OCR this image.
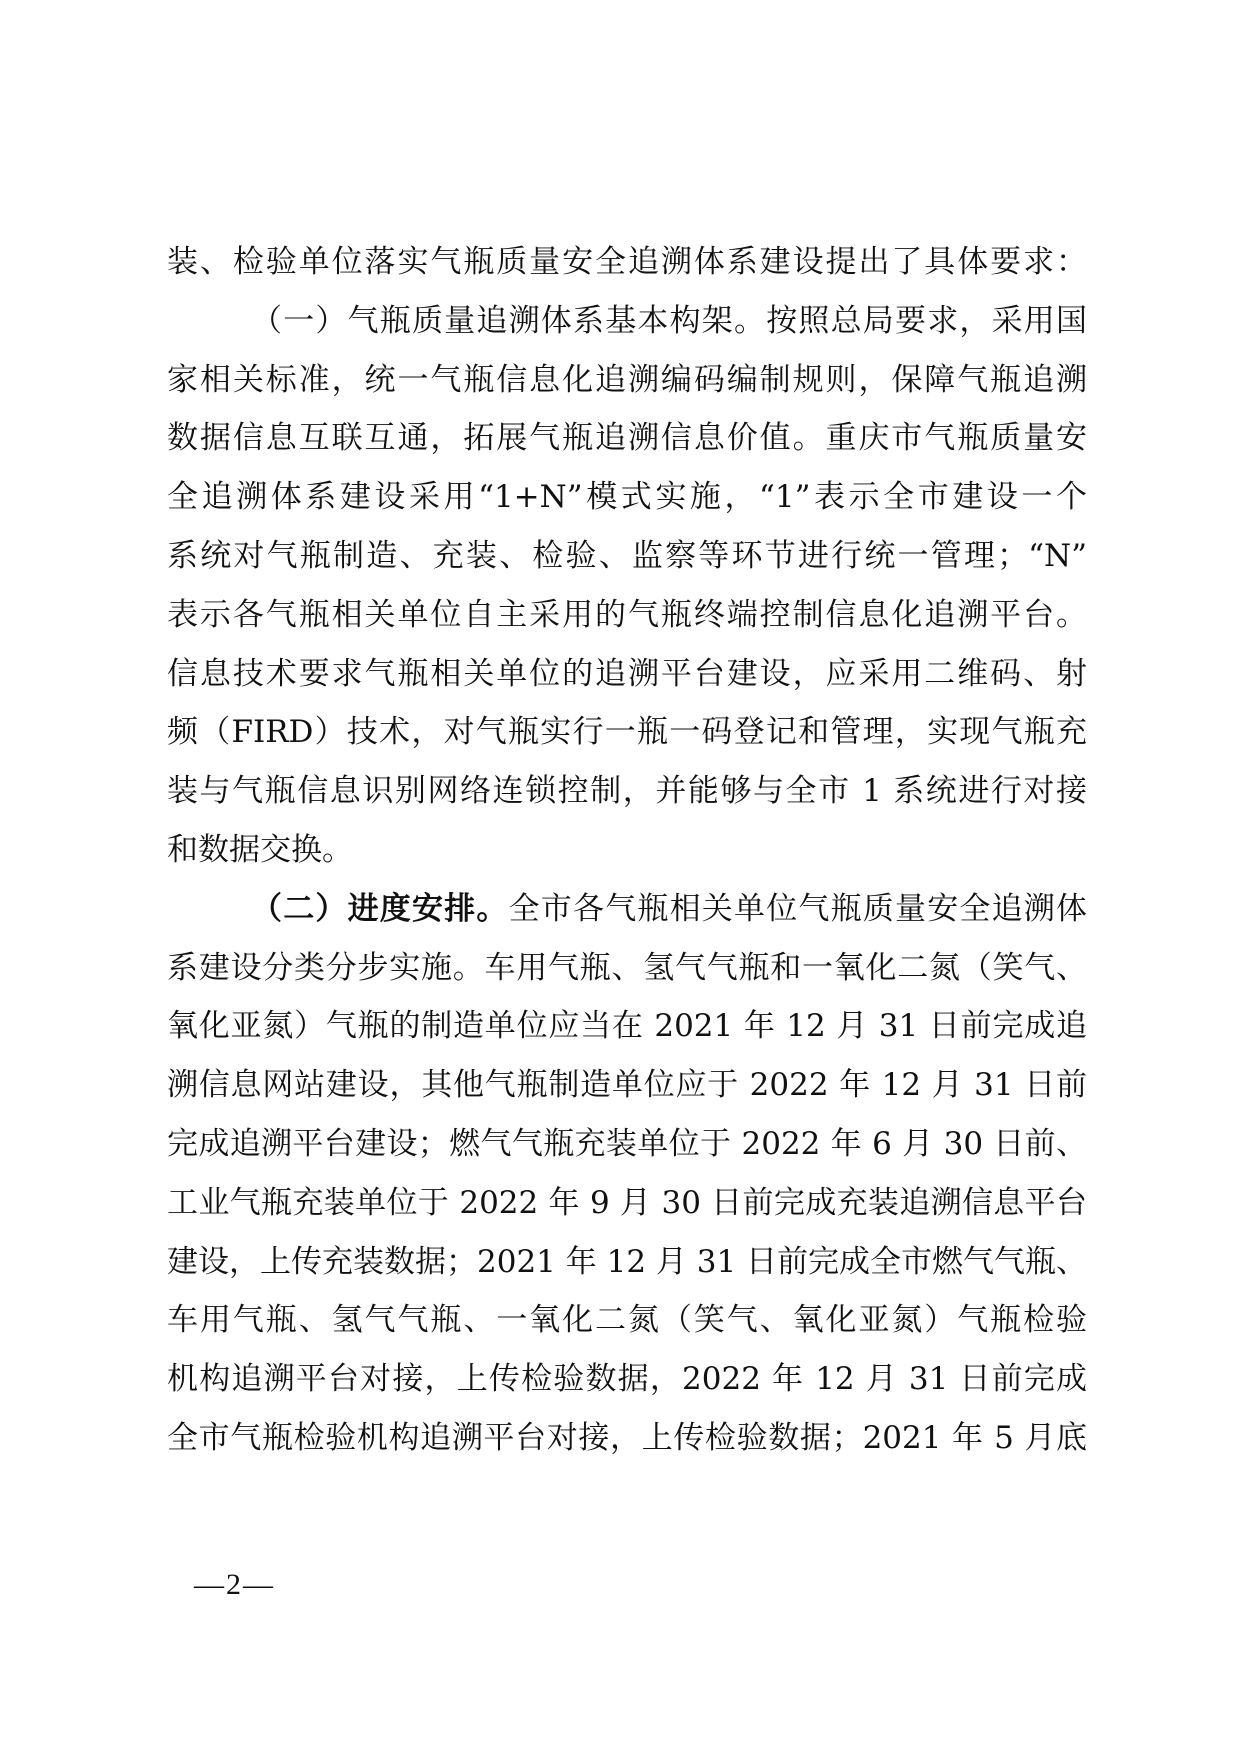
装、检验单位落实气瓶质量安全追溯体系建设提出了具体要求：
（一）气瓶质量追溯体系基本构架。按照总局要求，采用国
家相关标准，统一气瓶信息化追溯编码编制规则，保障气瓶追溯
数据信息互联互通，拓展气瓶追溯信息价值。重庆市气瓶质量安
全追溯体系建设采用“1+N”模式实施，“1”表示全市建设一个
系统对气瓶制造、充装、检验、监察等环节进行统一管理；“N”
表示各气瓶相关单位自主采用的气瓶终端控制信息化追溯平台。
信息技术要求气瓶相关单位的追溯平台建设，应采用二维码、射
频（FIRD）技术，对气瓶实行一瓶一码登记和管理，实现气瓶充
装与气瓶信息识别网络连锁控制，并能够与全市 1 系统进行对接
和数据交换。
（二）进度安排。全市各气瓶相关单位气瓶质量安全追溯体
系建设分类分步实施。车用气瓶、氢气气瓶和一氧化二氮（笑气、
氧化亚氮）气瓶的制造单位应当在 2021 年 12 月 31 日前完成追
溯信息网站建设，其他气瓶制造单位应于 2022 年 12 月 31 日前
完成追溯平台建设；燃气气瓶充装单位于 2022 年 6 月 30 日前、
工业气瓶充装单位于 2022 年 9 月 30 日前完成充装追溯信息平台
建设，上传充装数据；2021 年 12 月 31 日前完成全市燃气气瓶、
车用气瓶、氢气气瓶、一氧化二氮（笑气、氧化亚氮）气瓶检验
机构追溯平台对接，上传检验数据，2022 年 12 月 31 日前完成
全市气瓶检验机构追溯平台对接，上传检验数据；2021 年 5 月底
—2—
